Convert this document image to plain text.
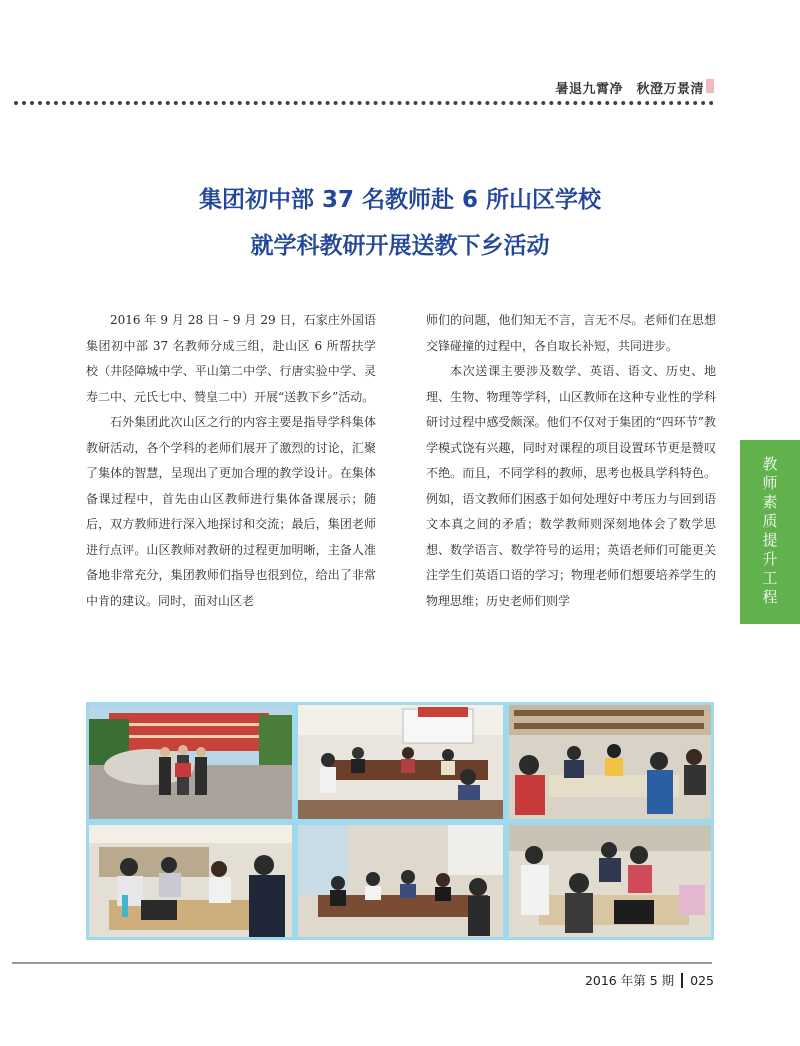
暑退九霄净　秋澄万景清
集团初中部 37 名教师赴 6 所山区学校
就学科教研开展送教下乡活动

2016 年 9 月 28 日 – 9 月 29 日，石家庄外国语集团初中部 37 名教师分成三组，赴山区 6 所帮扶学校（井陉障城中学、平山第二中学、行唐实验中学、灵寿二中、元氏七中、赞皇二中）开展“送教下乡”活动。

石外集团此次山区之行的内容主要是指导学科集体教研活动，各个学科的老师们展开了激烈的讨论，汇聚了集体的智慧，呈现出了更加合理的教学设计。在集体备课过程中，首先由山区教师进行集体备课展示；随后，双方教师进行深入地探讨和交流；最后，集团老师进行点评。山区教师对教研的过程更加明晰，主备人准备地非常充分，集团教师们指导也很到位，给出了非常中肯的建议。同时，面对山区老

师们的问题，他们知无不言，言无不尽。老师们在思想交锋碰撞的过程中，各自取长补短，共同进步。

本次送课主要涉及数学、英语、语文、历史、地理、生物、物理等学科，山区教师在这种专业性的学科研讨过程中感受颇深。他们不仅对于集团的“四环节”教学模式饶有兴趣，同时对课程的项目设置环节更是赞叹不绝。而且，不同学科的教师，思考也极具学科特色。例如，语文教师们困惑于如何处理好中考压力与回到语文本真之间的矛盾；数学教师则深刻地体会了数学思想、数学语言、数学符号的运用；英语老师们可能更关注学生们英语口语的学习；物理老师们想要培养学生的物理思维；历史老师们则学	教师素质提升工程
2016 年第 5 期 025
